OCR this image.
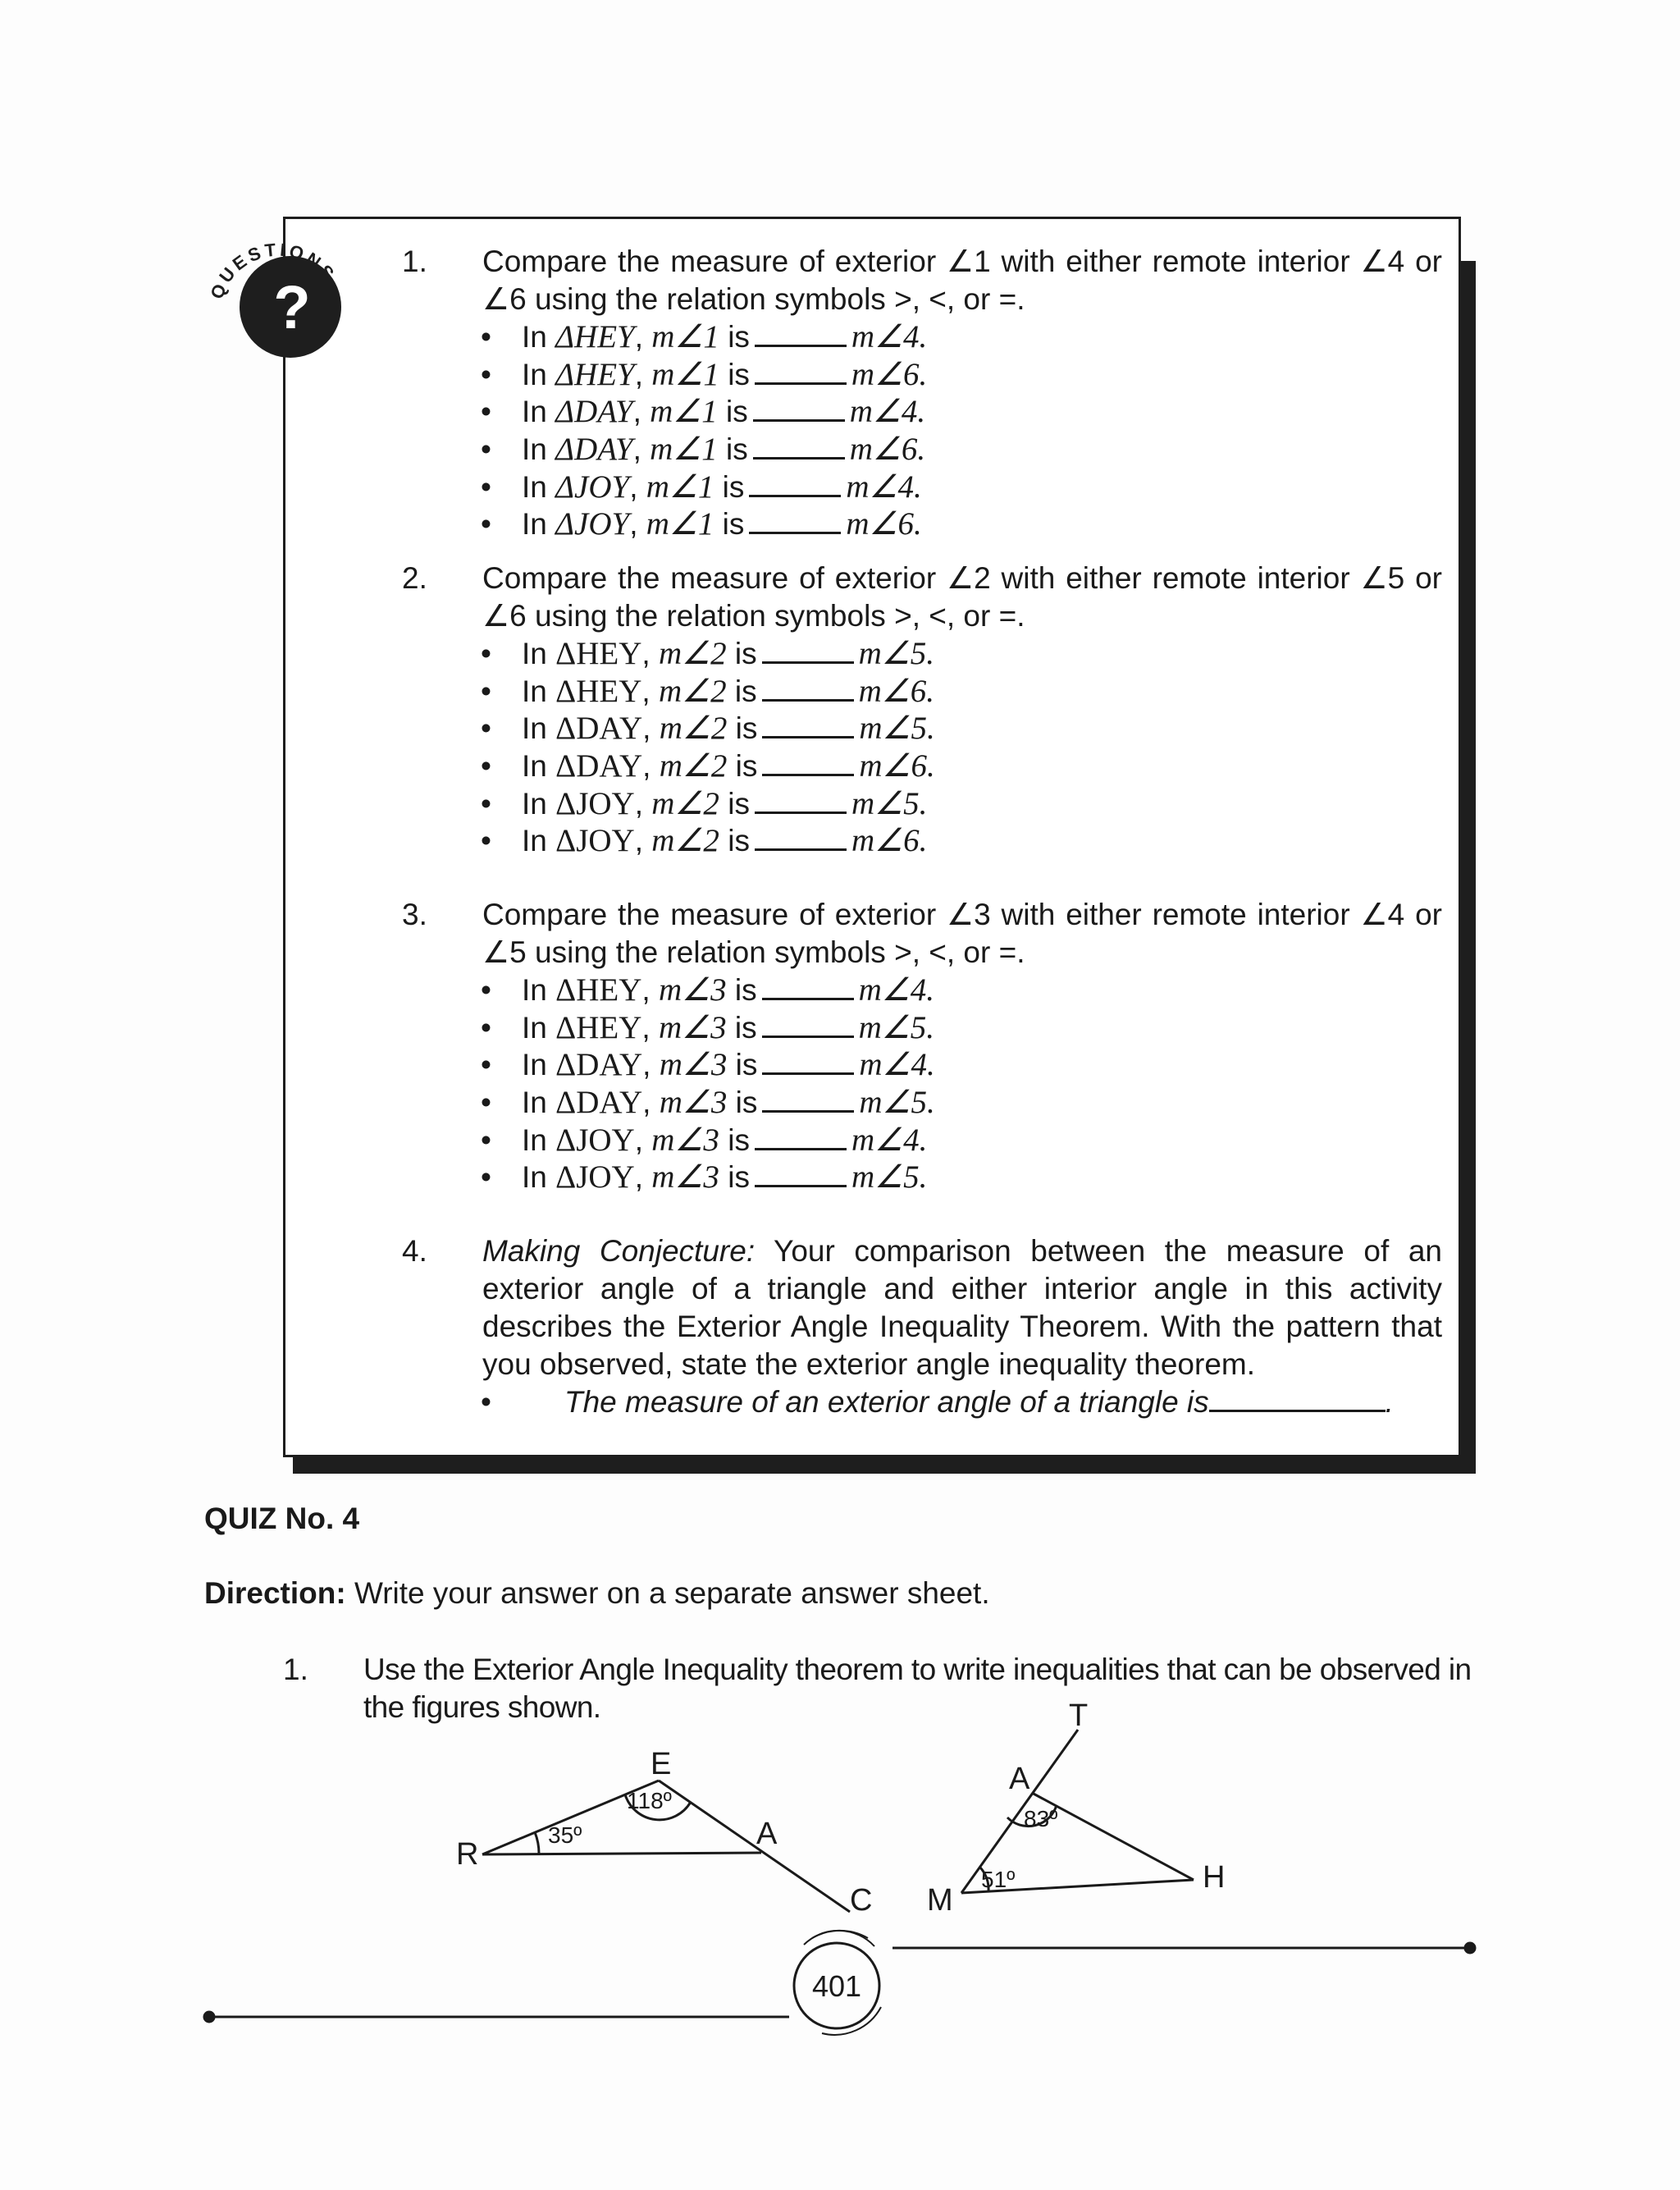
QUESTIONS
?
1. Compare the measure of exterior ∠1 with either remote interior ∠4 or ∠6 using the relation symbols >, <, or =.
• In ΔHEY, m∠1 is	m∠4.
• In ΔHEY, m∠1 is	m∠6.
• In ΔDAY, m∠1 is	m∠4.
• In ΔDAY, m∠1 is	m∠6.
• In ΔJOY, m∠1 is	m∠4.
• In ΔJOY, m∠1 is	m∠6.
2. Compare the measure of exterior ∠2 with either remote interior ∠5 or ∠6 using the relation symbols >, <, or =.
• In ΔHEY, m∠2 is	m∠5.
• In ΔHEY, m∠2 is	m∠6.
• In ΔDAY, m∠2 is	m∠5.
• In ΔDAY, m∠2 is	m∠6.
• In ΔJOY, m∠2 is	m∠5.
• In ΔJOY, m∠2 is	m∠6.
3. Compare the measure of exterior ∠3 with either remote interior ∠4 or ∠5 using the relation symbols >, <, or =.
• In ΔHEY, m∠3 is	m∠4.
• In ΔHEY, m∠3 is	m∠5.
• In ΔDAY, m∠3 is	m∠4.
• In ΔDAY, m∠3 is	m∠5.
• In ΔJOY, m∠3 is	m∠4.
• In ΔJOY, m∠3 is	m∠5.
4. Making Conjecture: Your comparison between the measure of an exterior angle of a triangle and either interior angle in this activity describes the Exterior Angle Inequality Theorem. With the pattern that you observed, state the exterior angle inequality theorem.
• The measure of an exterior angle of a triangle is	.
QUIZ No. 4
Direction: Write your answer on a separate answer sheet.
1. Use the Exterior Angle Inequality theorem to write inequalities that can be observed in the figures shown.
E
R
A
C
118º
35º
T
A
M
H
83º
51º
401
